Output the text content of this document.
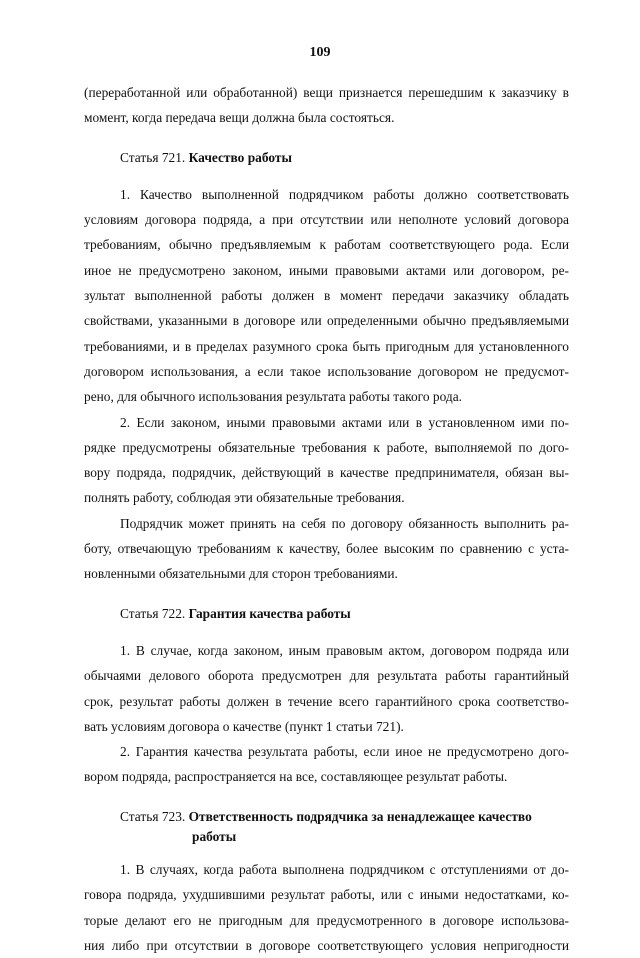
109
(переработанной или обработанной) вещи признается перешедшим к заказчику в
момент, когда передача вещи должна была состояться.
Статья 721. Качество работы
1. Качество выполненной подрядчиком работы должно соответствовать
условиям договора подряда, а при отсутствии или неполноте условий договора
требованиям, обычно предъявляемым к работам соответствующего рода. Если
иное не предусмотрено законом, иными правовыми актами или договором, ре-
зультат выполненной работы должен в момент передачи заказчику обладать
свойствами, указанными в договоре или определенными обычно предъявляемыми
требованиями, и в пределах разумного срока быть пригодным для установленного
договором использования, а если такое использование договором не предусмот-
рено, для обычного использования результата работы такого рода.
2. Если законом, иными правовыми актами или в установленном ими по-
рядке предусмотрены обязательные требования к работе, выполняемой по дого-
вору подряда, подрядчик, действующий в качестве предпринимателя, обязан вы-
полнять работу, соблюдая эти обязательные требования.
Подрядчик может принять на себя по договору обязанность выполнить ра-
боту, отвечающую требованиям к качеству, более высоким по сравнению с уста-
новленными обязательными для сторон требованиями.
Статья 722. Гарантия качества работы
1. В случае, когда законом, иным правовым актом, договором подряда или
обычаями делового оборота предусмотрен для результата работы гарантийный
срок, результат работы должен в течение всего гарантийного срока соответство-
вать условиям договора о качестве (пункт 1 статьи 721).
2. Гарантия качества результата работы, если иное не предусмотрено дого-
вором подряда, распространяется на все, составляющее результат работы.
Статья 723. Ответственность подрядчика за ненадлежащее качество
работы
1. В случаях, когда работа выполнена подрядчиком с отступлениями от до-
говора подряда, ухудшившими результат работы, или с иными недостатками, ко-
торые делают его не пригодным для предусмотренного в договоре использова-
ния либо при отсутствии в договоре соответствующего условия непригодности
